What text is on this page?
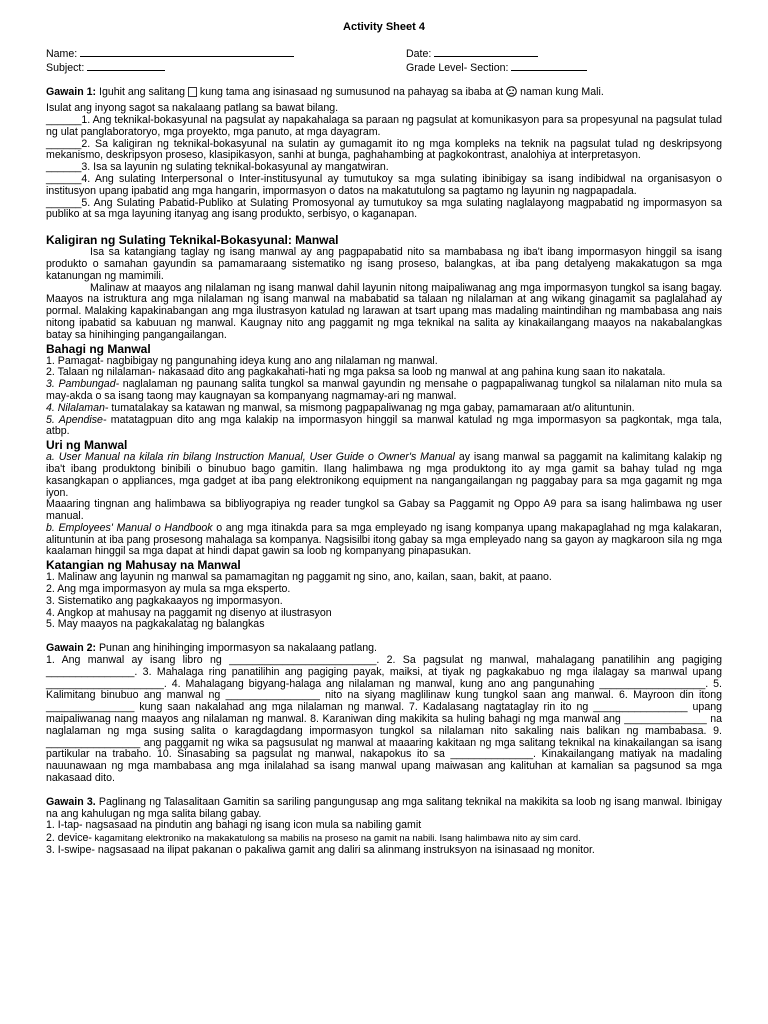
Activity Sheet 4
Name:	Date:
Subject:	Grade Level- Section:

Gawain 1: Iguhit ang salitang kung tama ang isinasaad ng sumusunod na pahayag sa ibaba at naman kung Mali.

Isulat ang inyong sagot sa nakalaang patlang sa bawat bilang.

______1. Ang teknikal-bokasyunal na pagsulat ay napakahalaga sa paraan ng pagsulat at komunikasyon para sa propesyunal na pagsulat tulad ng ulat panglaboratoryo, mga proyekto, mga panuto, at mga dayagram.

______2. Sa kaligiran ng teknikal-bokasyunal na sulatin ay gumagamit ito ng mga kompleks na teknik na pagsulat tulad ng deskripsyong mekanismo, deskripsyon proseso, klasipikasyon, sanhi at bunga, paghahambing at pagkokontrast, analohiya at interpretasyon.

______3. Isa sa layunin ng sulating teknikal-bokasyunal ay mangatwiran.

______4. Ang sulating Interpersonal o Inter-institusyunal ay tumutukoy sa mga sulating ibinibigay sa isang indibidwal na organisasyon o institusyon upang ipabatid ang mga hangarin, impormasyon o datos na makatutulong sa pagtamo ng layunin ng nagpapadala.

______5. Ang Sulating Pabatid-Publiko at Sulating Promosyonal ay tumutukoy sa mga sulating naglalayong magpabatid ng impormasyon sa publiko at sa mga layuning itanyag ang isang produkto, serbisyo, o kaganapan.

Kaligiran ng Sulating Teknikal-Bokasyunal: Manwal

Isa sa katangiang taglay ng isang manwal ay ang pagpapabatid nito sa mambabasa ng iba't ibang impormasyon hinggil sa isang produkto o samahan gayundin sa pamamaraang sistematiko ng isang proseso, balangkas, at iba pang detalyeng makakatugon sa mga katanungan ng mamimili.

Malinaw at maayos ang nilalaman ng isang manwal dahil layunin nitong maipaliwanag ang mga impormasyon tungkol sa isang bagay. Maayos na istruktura ang mga nilalaman ng isang manwal na mababatid sa talaan ng nilalaman at ang wikang ginagamit sa paglalahad ay pormal. Malaking kapakinabangan ang mga ilustrasyon katulad ng larawan at tsart upang mas madaling maintindihan ng mambabasa ang nais nitong ipabatid sa kabuuan ng manwal. Kaugnay nito ang paggamit ng mga teknikal na salita ay kinakailangang maayos na nakabalangkas batay sa hinihinging pangangailangan.

Bahagi ng Manwal

1. Pamagat- nagbibigay ng pangunahing ideya kung ano ang nilalaman ng manwal.

2. Talaan ng nilalaman- nakasaad dito ang pagkakahati-hati ng mga paksa sa loob ng manwal at ang pahina kung saan ito nakatala.

3. Pambungad- naglalaman ng paunang salita tungkol sa manwal gayundin ng mensahe o pagpapaliwanag tungkol sa nilalaman nito mula sa may-akda o sa isang taong may kaugnayan sa kompanyang nagmamay-ari ng manwal.

4. Nilalaman- tumatalakay sa katawan ng manwal, sa mismong pagpapaliwanag ng mga gabay, pamamaraan at/o alituntunin.

5. Apendise- matatagpuan dito ang mga kalakip na impormasyon hinggil sa manwal katulad ng mga impormasyon sa pagkontak, mga tala, atbp.

Uri ng Manwal

a. User Manual na kilala rin bilang Instruction Manual, User Guide o Owner's Manual ay isang manwal sa paggamit na kalimitang kalakip ng iba't ibang produktong binibili o binubuo bago gamitin. Ilang halimbawa ng mga produktong ito ay mga gamit sa bahay tulad ng mga kasangkapan o appliances, mga gadget at iba pang elektronikong equipment na nangangailangan ng paggabay para sa mga gagamit ng mga iyon.

Maaaring tingnan ang halimbawa sa bibliyograpiya ng reader tungkol sa Gabay sa Paggamit ng Oppo A9 para sa isang halimbawa ng user manual.

b. Employees' Manual o Handbook o ang mga itinakda para sa mga empleyado ng isang kompanya upang makapaglahad ng mga kalakaran, alituntunin at iba pang prosesong mahalaga sa kompanya. Nagsisilbi itong gabay sa mga empleyado nang sa gayon ay magkaroon sila ng mga kaalaman hinggil sa mga dapat at hindi dapat gawin sa loob ng kompanyang pinapasukan.

Katangian ng Mahusay na Manwal

1. Malinaw ang layunin ng manwal sa pamamagitan ng paggamit ng sino, ano, kailan, saan, bakit, at paano.

2. Ang mga impormasyon ay mula sa mga eksperto.

3. Sistematiko ang pagkakaayos ng impormasyon.

4. Angkop at mahusay na paggamit ng disenyo at ilustrasyon

5. May maayos na pagkakalatag ng balangkas

Gawain 2: Punan ang hinihinging impormasyon sa nakalaang patlang.

1. Ang manwal ay isang libro ng _________________________. 2. Sa pagsulat ng manwal, mahalagang panatilihin ang pagiging _______________. 3. Mahalaga ring panatilihin ang pagiging payak, maiksi, at tiyak ng pagkakabuo ng mga ilalagay sa manwal upang ____________________. 4. Mahalagang bigyang-halaga ang nilalaman ng manwal, kung ano ang pangunahing __________________. 5. Kalimitang binubuo ang manwal ng ________________ nito na siyang maglilinaw kung tungkol saan ang manwal. 6. Mayroon din itong _______________ kung saan nakalahad ang mga nilalaman ng manwal. 7. Kadalasang nagtataglay rin ito ng ________________ upang maipaliwanag nang maayos ang nilalaman ng manwal. 8. Karaniwan ding makikita sa huling bahagi ng mga manwal ang ______________ na naglalaman ng mga susing salita o karagdagdang impormasyon tungkol sa nilalaman nito sakaling nais balikan ng mambabasa. 9. ________________ ang paggamit ng wika sa pagsusulat ng manwal at maaaring kakitaan ng mga salitang teknikal na kinakailangan sa isang partikular na trabaho. 10. Sinasabing sa pagsulat ng manwal, nakapokus ito sa ______________. Kinakailangang matiyak na madaling nauunawaan ng mga mambabasa ang mga inilalahad sa isang manwal upang maiwasan ang kalituhan at kamalian sa pagsunod sa mga nakasaad dito.

Gawain 3. Paglinang ng Talasalitaan Gamitin sa sariling pangungusap ang mga salitang teknikal na makikita sa loob ng isang manwal. Ibinigay na ang kahulugan ng mga salita bilang gabay.

1. I-tap- nagsasaad na pindutin ang bahagi ng isang icon mula sa nabiling gamit

2. device- kagamitang elektroniko na makakatulong sa mabilis na proseso na gamit na nabili. Isang halimbawa nito ay sim card.

3. I-swipe- nagsasaad na ilipat pakanan o pakaliwa gamit ang daliri sa alinmang instruksyon na isinasaad ng monitor.
